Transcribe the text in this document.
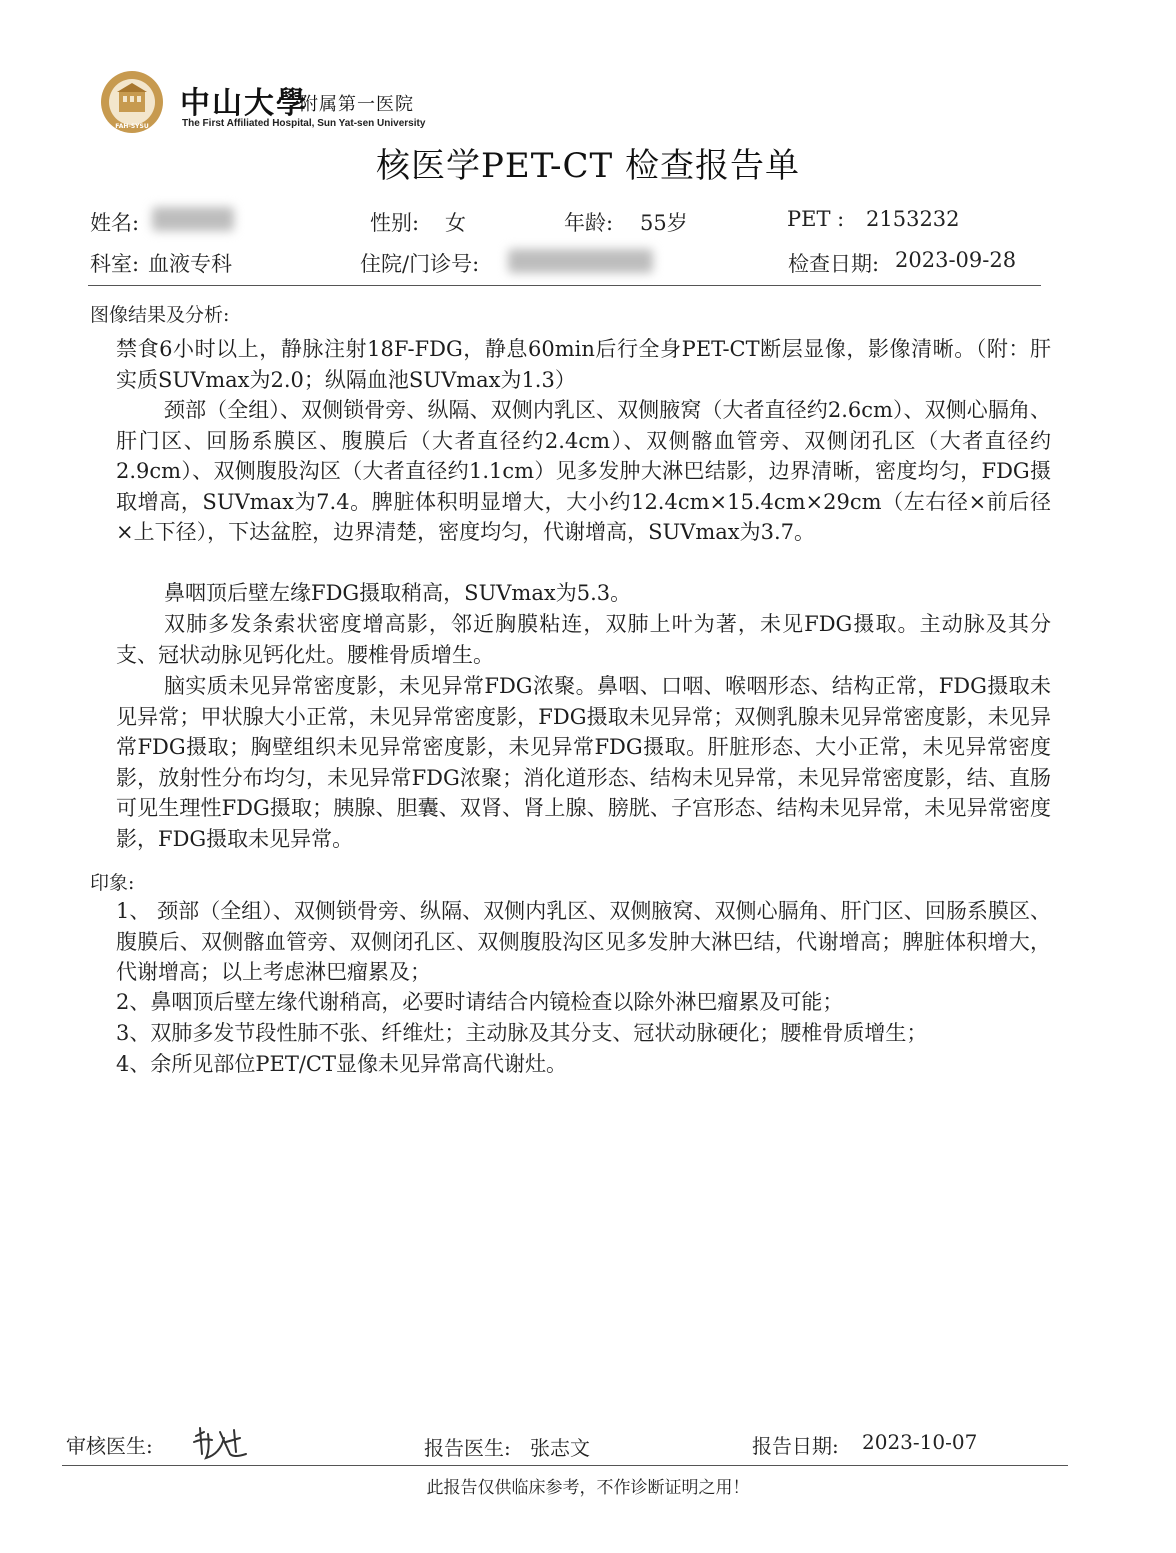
FAH-SYSU
中山大學
附属第一医院
The First Affiliated Hospital, Sun Yat-sen University
核医学PET-CT 检查报告单
姓名:	性别: 女	年龄: 55岁	PET : 2153232
科室: 血液专科	住院/门诊号:	检查日期: 2023-09-28
图像结果及分析:

禁食6小时以上，静脉注射18F-FDG，静息60min后行全身PET-CT断层显像，影像清晰。（附：肝实质SUVmax为2.0；纵隔血池SUVmax为1.3）

颈部（全组）、双侧锁骨旁、纵隔、双侧内乳区、双侧腋窝（大者直径约2.6cm）、双侧心膈角、肝门区、回肠系膜区、腹膜后（大者直径约2.4cm）、双侧髂血管旁、双侧闭孔区（大者直径约2.9cm）、双侧腹股沟区（大者直径约1.1cm）见多发肿大淋巴结影，边界清晰，密度均匀，FDG摄取增高，SUVmax为7.4。脾脏体积明显增大，大小约12.4cm×15.4cm×29cm（左右径×前后径×上下径），下达盆腔，边界清楚，密度均匀，代谢增高，SUVmax为3.7。

鼻咽顶后壁左缘FDG摄取稍高，SUVmax为5.3。

双肺多发条索状密度增高影，邻近胸膜粘连，双肺上叶为著，未见FDG摄取。主动脉及其分支、冠状动脉见钙化灶。腰椎骨质增生。

脑实质未见异常密度影，未见异常FDG浓聚。鼻咽、口咽、喉咽形态、结构正常，FDG摄取未见异常；甲状腺大小正常，未见异常密度影，FDG摄取未见异常；双侧乳腺未见异常密度影，未见异常FDG摄取；胸壁组织未见异常密度影，未见异常FDG摄取。肝脏形态、大小正常，未见异常密度影，放射性分布均匀，未见异常FDG浓聚；消化道形态、结构未见异常，未见异常密度影，结、直肠可见生理性FDG摄取；胰腺、胆囊、双肾、肾上腺、膀胱、子宫形态、结构未见异常，未见异常密度影，FDG摄取未见异常。

印象:

1、 颈部（全组）、双侧锁骨旁、纵隔、双侧内乳区、双侧腋窝、双侧心膈角、肝门区、回肠系膜区、腹膜后、双侧髂血管旁、双侧闭孔区、双侧腹股沟区见多发肿大淋巴结，代谢增高；脾脏体积增大，代谢增高；以上考虑淋巴瘤累及；

2、鼻咽顶后壁左缘代谢稍高，必要时请结合内镜检查以除外淋巴瘤累及可能；

3、双肺多发节段性肺不张、纤维灶；主动脉及其分支、冠状动脉硬化；腰椎骨质增生；

4、余所见部位PET/CT显像未见异常高代谢灶。

审核医生:	报告医生: 张志文	报告日期: 2023-10-07
此报告仅供临床参考，不作诊断证明之用！
